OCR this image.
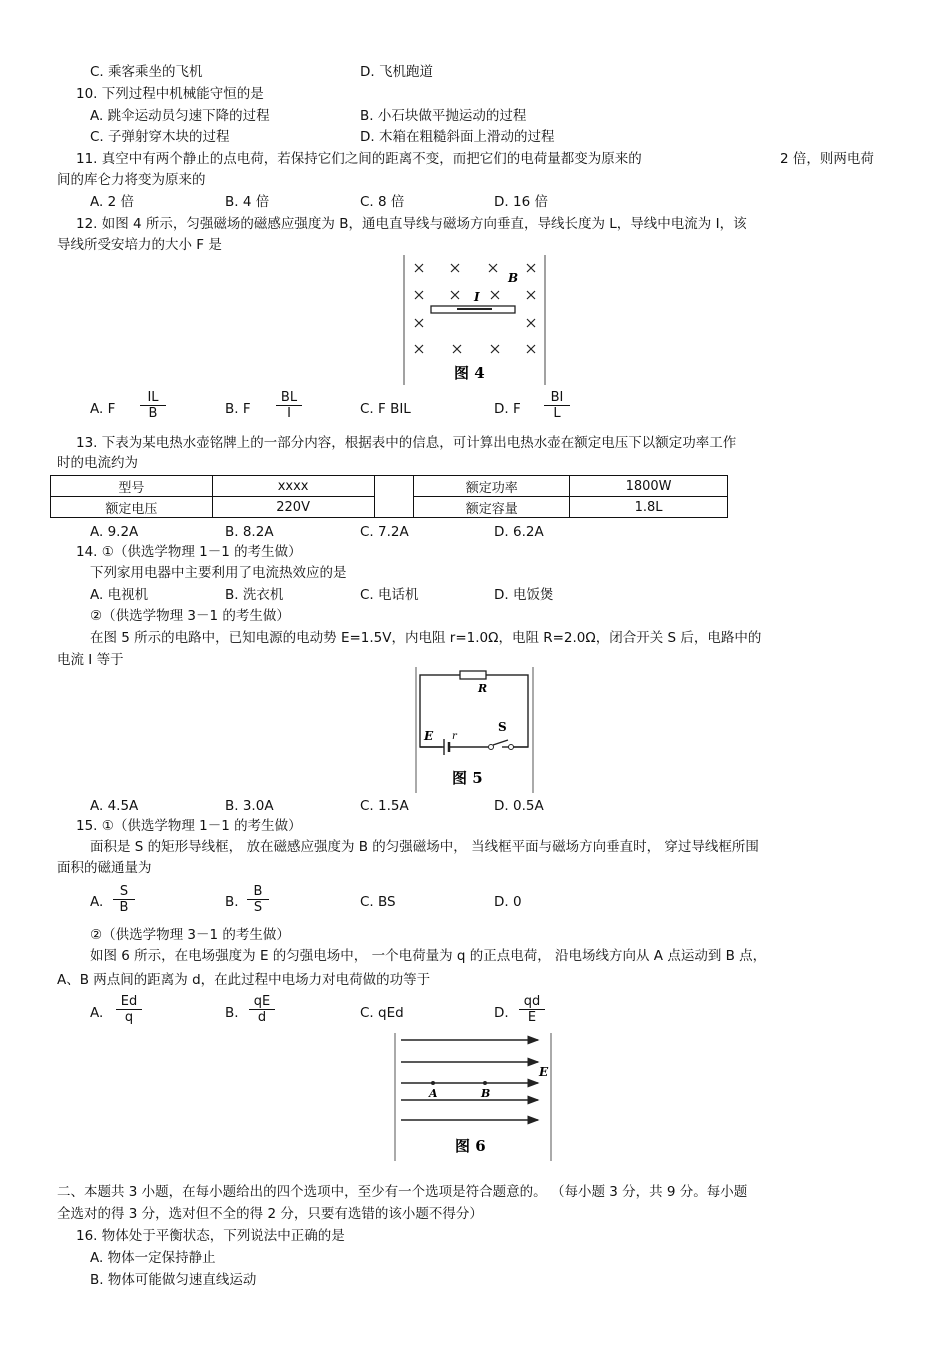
C. 乘客乘坐的飞机	D. 飞机跑道
10. 下列过程中机械能守恒的是
A. 跳伞运动员匀速下降的过程	B. 小石块做平抛运动的过程
C. 子弹射穿木块的过程	D. 木箱在粗糙斜面上滑动的过程
11. 真空中有两个静止的点电荷，若保持它们之间的距离不变，而把它们的电荷量都变为原来的	2 倍，则两电荷
间的库仑力将变为原来的
A. 2 倍	B. 4 倍	C. 8 倍	D. 16 倍
12. 如图 4 所示，匀强磁场的磁感应强度为 B，通电直导线与磁场方向垂直，导线长度为 L，导线中电流为 I，该
导线所受安培力的大小 F 是
I
B
图 4
A. F $\frac{IL}{B}$	B. F $\frac{BL}{I}$	C. F BIL	D. F $\frac{BI}{L}$
13. 下表为某电热水壶铭牌上的一部分内容，根据表中的信息，可计算出电热水壶在额定电压下以额定功率工作
时的电流约为
型号	xxxx		额定功率	1800W
额定电压	220V		额定容量	1.8L
A. 9.2A	B. 8.2A	C. 7.2A	D. 6.2A
14. ①（供选学物理 1－1 的考生做）
下列家用电器中主要利用了电流热效应的是
A. 电视机	B. 洗衣机	C. 电话机	D. 电饭煲
②（供选学物理 3－1 的考生做）
在图 5 所示的电路中，已知电源的电动势 E=1.5V，内电阻 r=1.0Ω，电阻 R=2.0Ω，闭合开关 S 后，电路中的
电流 I 等于
R
E r
S
图 5
A. 4.5A	B. 3.0A	C. 1.5A	D. 0.5A
15. ①（供选学物理 1－1 的考生做）
面积是 S 的矩形导线框， 放在磁感应强度为 B 的匀强磁场中， 当线框平面与磁场方向垂直时， 穿过导线框所围
面积的磁通量为
A. $\frac{S}{B}$	B. $\frac{B}{S}$	C. BS	D. 0
②（供选学物理 3－1 的考生做）
如图 6 所示，在电场强度为 E 的匀强电场中， 一个电荷量为 q 的正点电荷， 沿电场线方向从 A 点运动到 B 点，
A、B 两点间的距离为 d，在此过程中电场力对电荷做的功等于
A. $\frac{Ed}{q}$	B. $\frac{qE}{d}$	C. qEd	D. $\frac{qd}{E}$
A	B
E
图 6
二、本题共 3 小题，在每小题给出的四个选项中，至少有一个选项是符合题意的。 （每小题 3 分，共 9 分。每小题
全选对的得 3 分，选对但不全的得 2 分，只要有选错的该小题不得分）
16. 物体处于平衡状态，下列说法中正确的是
A. 物体一定保持静止
B. 物体可能做匀速直线运动
